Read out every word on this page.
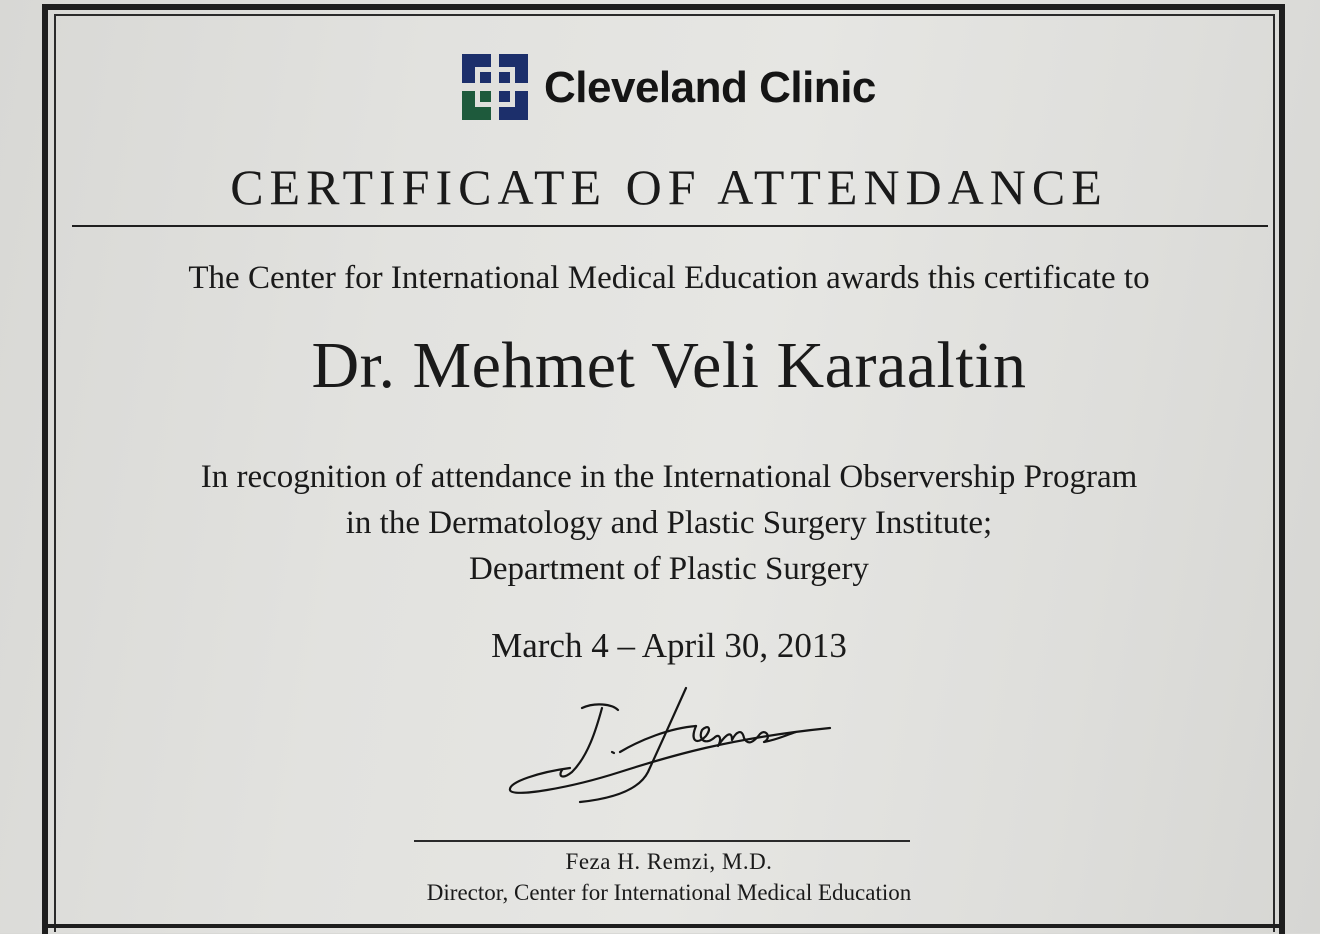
Cleveland Clinic
CERTIFICATE OF ATTENDANCE
The Center for International Medical Education awards this certificate to
Dr. Mehmet Veli Karaaltin
In recognition of attendance in the International Observership Program
in the Dermatology and Plastic Surgery Institute;
Department of Plastic Surgery
March 4 – April 30, 2013
Feza H. Remzi, M.D.
Director, Center for International Medical Education
